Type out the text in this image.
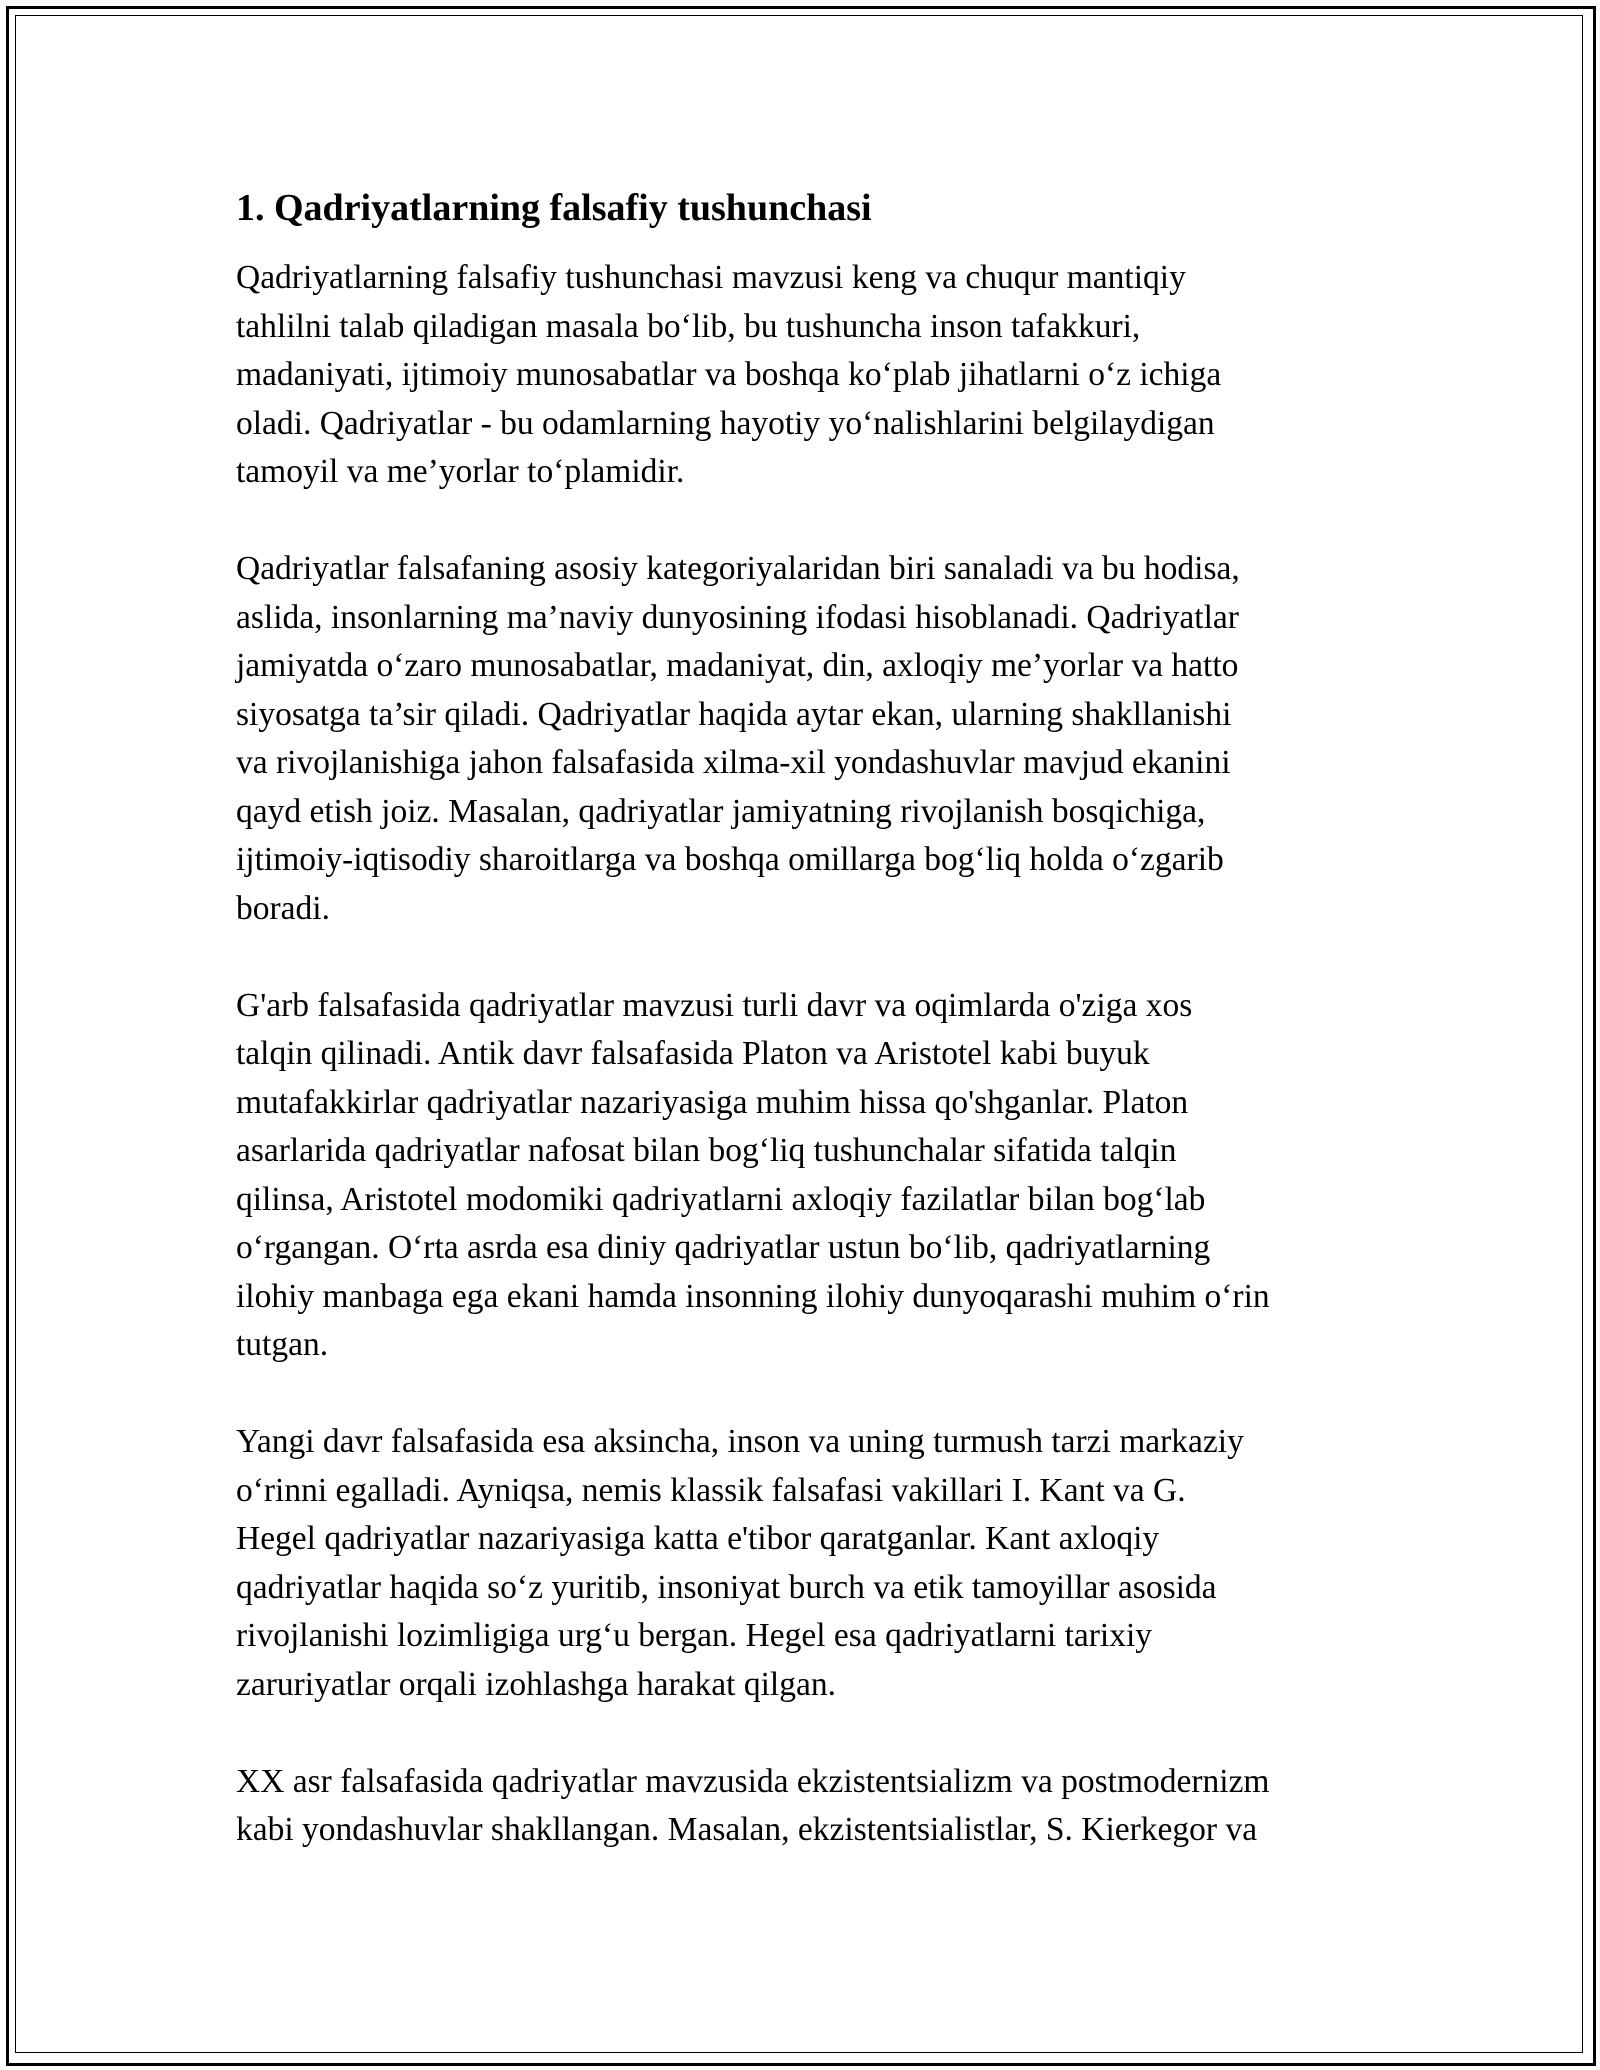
1. Qadriyatlarning falsafiy tushunchasi

Qadriyatlarning falsafiy tushunchasi mavzusi keng va chuqur mantiqiy
tahlilni talab qiladigan masala bo‘lib, bu tushuncha inson tafakkuri,
madaniyati, ijtimoiy munosabatlar va boshqa ko‘plab jihatlarni o‘z ichiga
oladi. Qadriyatlar - bu odamlarning hayotiy yo‘nalishlarini belgilaydigan
tamoyil va me’yorlar to‘plamidir.

Qadriyatlar falsafaning asosiy kategoriyalaridan biri sanaladi va bu hodisa,
aslida, insonlarning ma’naviy dunyosining ifodasi hisoblanadi. Qadriyatlar
jamiyatda o‘zaro munosabatlar, madaniyat, din, axloqiy me’yorlar va hatto
siyosatga ta’sir qiladi. Qadriyatlar haqida aytar ekan, ularning shakllanishi
va rivojlanishiga jahon falsafasida xilma-xil yondashuvlar mavjud ekanini
qayd etish joiz. Masalan, qadriyatlar jamiyatning rivojlanish bosqichiga,
ijtimoiy-iqtisodiy sharoitlarga va boshqa omillarga bog‘liq holda o‘zgarib
boradi.

G'arb falsafasida qadriyatlar mavzusi turli davr va oqimlarda o'ziga xos
talqin qilinadi. Antik davr falsafasida Platon va Aristotel kabi buyuk
mutafakkirlar qadriyatlar nazariyasiga muhim hissa qo'shganlar. Platon
asarlarida qadriyatlar nafosat bilan bog‘liq tushunchalar sifatida talqin
qilinsa, Aristotel modomiki qadriyatlarni axloqiy fazilatlar bilan bog‘lab
o‘rgangan. O‘rta asrda esa diniy qadriyatlar ustun bo‘lib, qadriyatlarning
ilohiy manbaga ega ekani hamda insonning ilohiy dunyoqarashi muhim o‘rin
tutgan.

Yangi davr falsafasida esa aksincha, inson va uning turmush tarzi markaziy
o‘rinni egalladi. Ayniqsa, nemis klassik falsafasi vakillari I. Kant va G.
Hegel qadriyatlar nazariyasiga katta e'tibor qaratganlar. Kant axloqiy
qadriyatlar haqida so‘z yuritib, insoniyat burch va etik tamoyillar asosida
rivojlanishi lozimligiga urg‘u bergan. Hegel esa qadriyatlarni tarixiy
zaruriyatlar orqali izohlashga harakat qilgan.

XX asr falsafasida qadriyatlar mavzusida ekzistentsializm va postmodernizm
kabi yondashuvlar shakllangan. Masalan, ekzistentsialistlar, S. Kierkegor va
